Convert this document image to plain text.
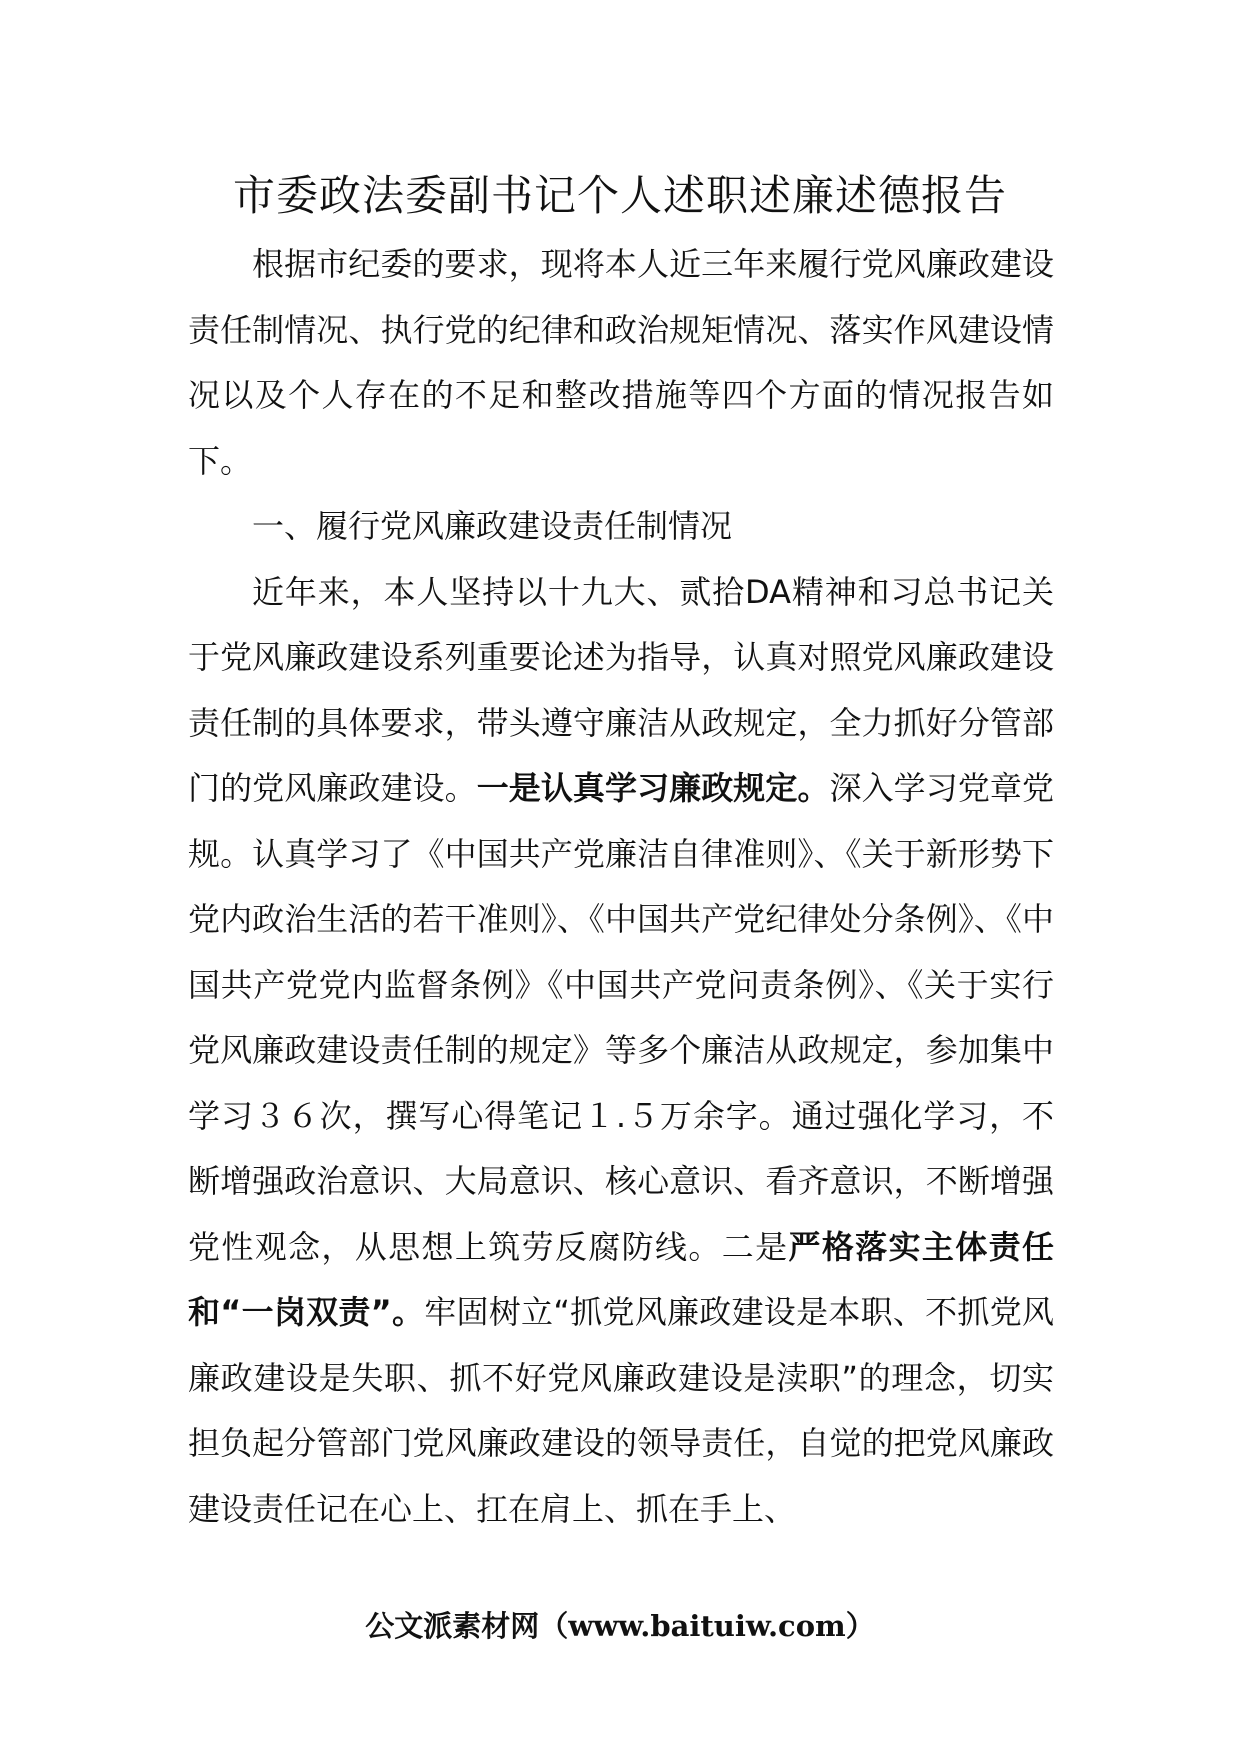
市委政法委副书记个人述职述廉述德报告

根据市纪委的要求，现将本人近三年来履行党风廉政建设责任制情况、执行党的纪律和政治规矩情况、落实作风建设情况以及个人存在的不足和整改措施等四个方面的情况报告如下。

一、履行党风廉政建设责任制情况

近年来，本人坚持以十九大、贰拾DA精神和习总书记关于党风廉政建设系列重要论述为指导，认真对照党风廉政建设责任制的具体要求，带头遵守廉洁从政规定，全力抓好分管部门的党风廉政建设。一是认真学习廉政规定。深入学习党章党规。认真学习了《中国共产党廉洁自律准则》、《关于新形势下党内政治生活的若干准则》、《中国共产党纪律处分条例》、《中国共产党党内监督条例》《中国共产党问责条例》、《关于实行党风廉政建设责任制的规定》等多个廉洁从政规定，参加集中学习３６次，撰写心得笔记１.５万余字。通过强化学习，不断增强政治意识、大局意识、核心意识、看齐意识，不断增强党性观念，从思想上筑劳反腐防线。二是严格落实主体责任和“一岗双责”。牢固树立“抓党风廉政建设是本职、不抓党风廉政建设是失职、抓不好党风廉政建设是渎职”的理念，切实担负起分管部门党风廉政建设的领导责任，自觉的把党风廉政建设责任记在心上、扛在肩上、抓在手上、

公文派素材网（www.baituiw.com）
